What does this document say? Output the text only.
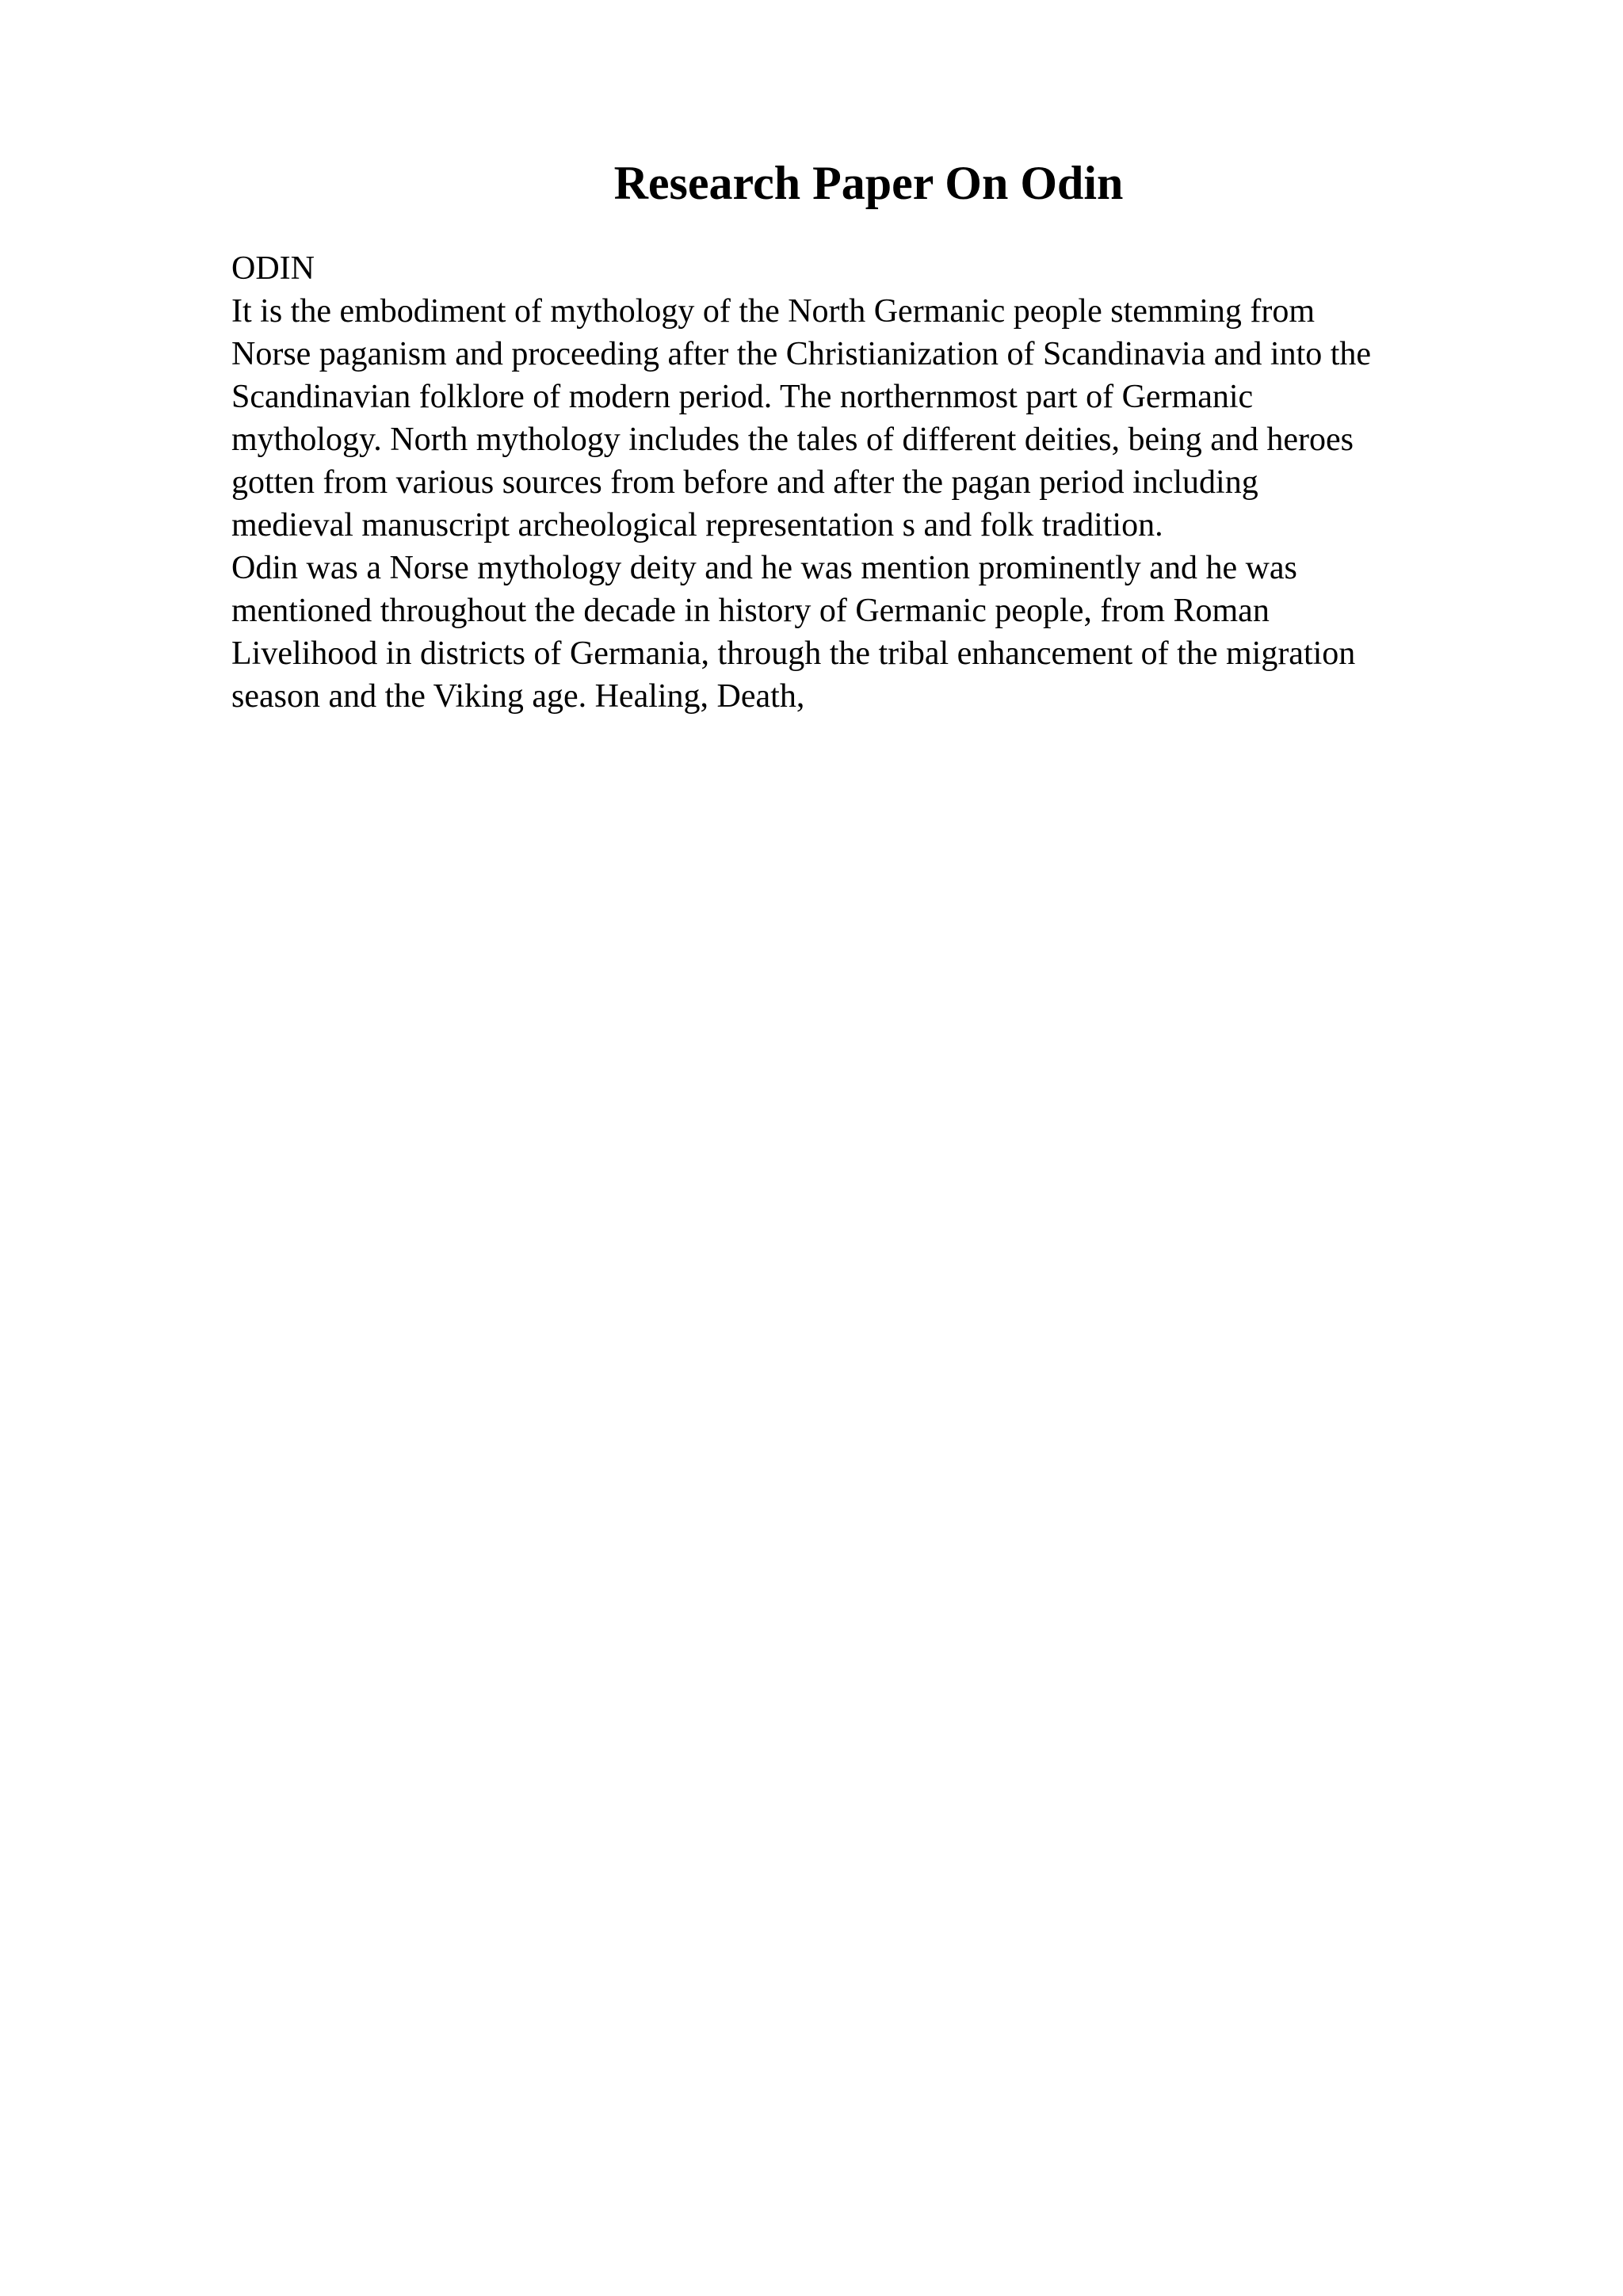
Research Paper On Odin
ODIN
It is the embodiment of mythology of the North Germanic people stemming from
Norse paganism and proceeding after the Christianization of Scandinavia and into the
Scandinavian folklore of modern period. The northernmost part of Germanic
mythology. North mythology includes the tales of different deities, being and heroes
gotten from various sources from before and after the pagan period including
medieval manuscript archeological representation s and folk tradition.
Odin was a Norse mythology deity and he was mention prominently and he was
mentioned throughout the decade in history of Germanic people, from Roman
Livelihood in districts of Germania, through the tribal enhancement of the migration
season and the Viking age. Healing, Death,
